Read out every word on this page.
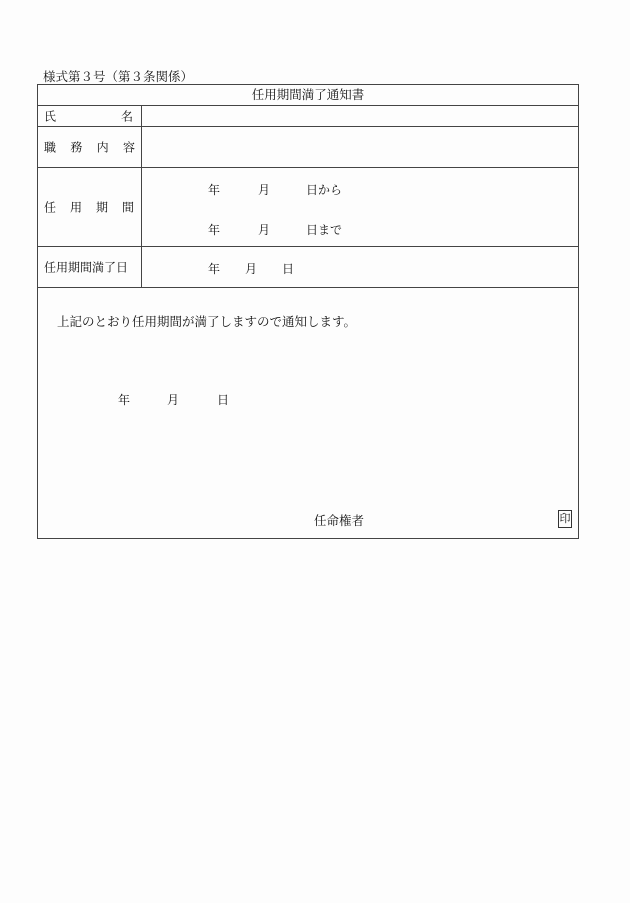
様式第３号（第３条関係）
任用期間満了通知書
氏	名
職 務 内 容
任 用 期 間
年	月	日から
年	月	日まで
任用期間満了日	年 月 日
上記のとおり任用期間が満了しますので通知します。
年	月	日
任命権者	印
